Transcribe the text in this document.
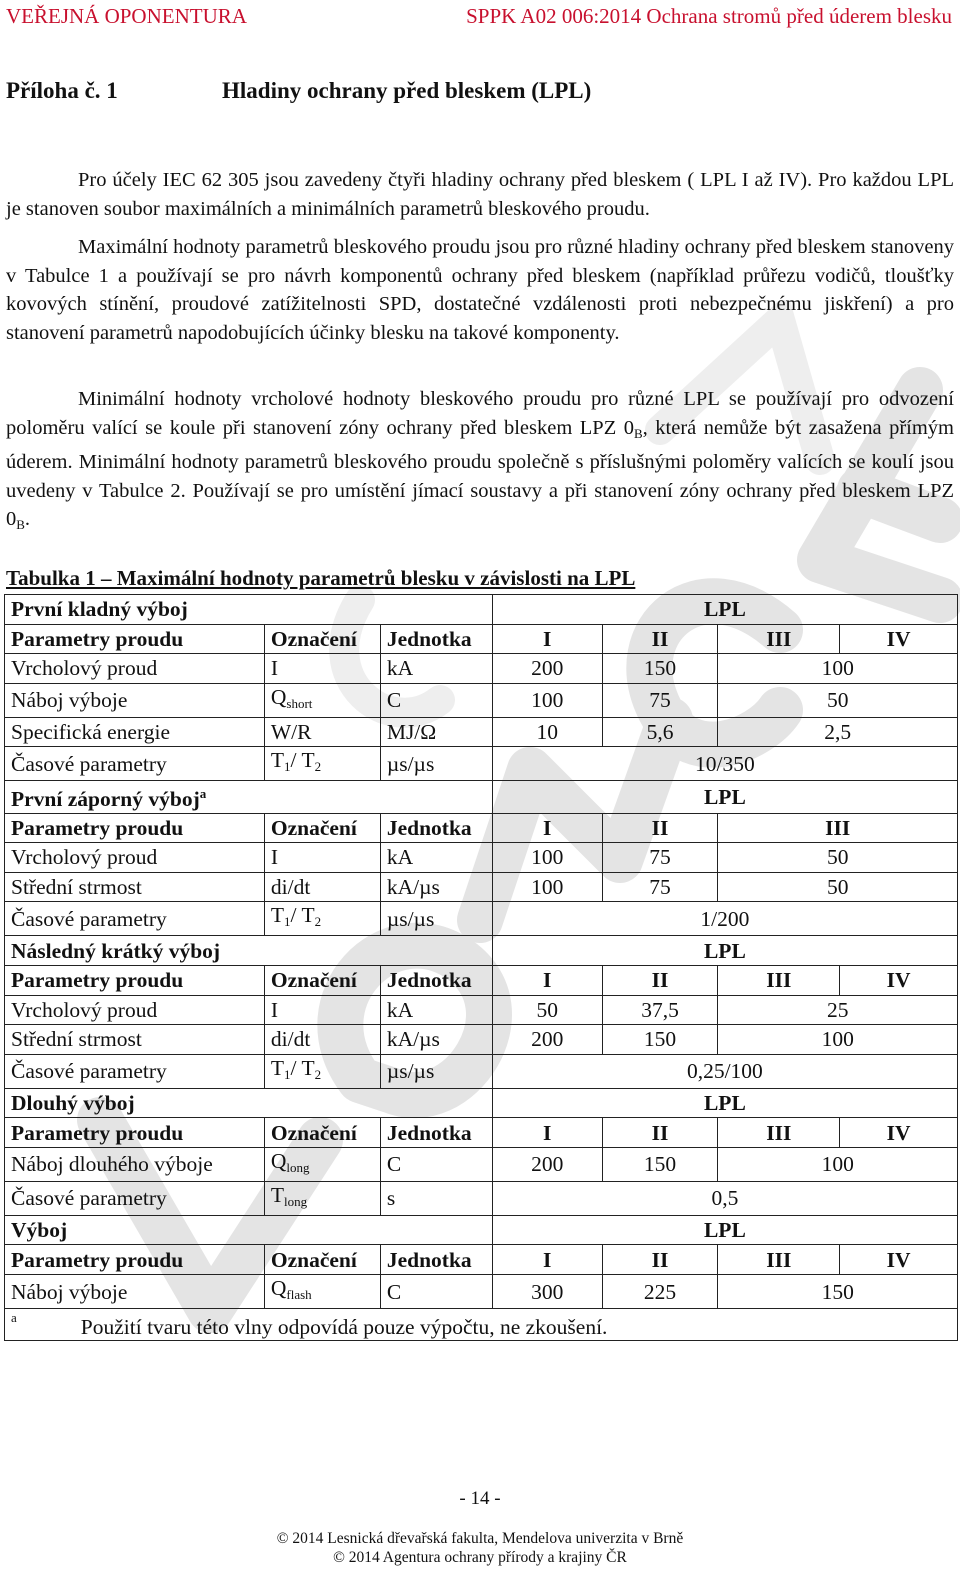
VEŘEJNÁ OPONENTURA	SPPK A02 006:2014 Ochrana stromů před úderem blesku
Příloha č. 1	Hladiny ochrany před bleskem (LPL)
Pro účely IEC 62 305 jsou zavedeny čtyři hladiny ochrany před bleskem ( LPL I až IV). Pro každou LPL je stanoven soubor maximálních a minimálních parametrů bleskového proudu.
Maximální hodnoty parametrů bleskového proudu jsou pro různé hladiny ochrany před bleskem stanoveny v Tabulce 1 a používají se pro návrh komponentů ochrany před bleskem (například průřezu vodičů, tloušťky kovových stínění, proudové zatížitelnosti SPD, dostatečné vzdálenosti proti nebezpečnému jiskření) a pro stanovení parametrů napodobujících účinky blesku na takové komponenty.
Minimální hodnoty vrcholové hodnoty bleskového proudu pro různé LPL se používají pro odvození poloměru valící se koule při stanovení zóny ochrany před bleskem LPZ $0_B$, která nemůže být zasažena přímým úderem. Minimální hodnoty parametrů bleskového proudu společně s příslušnými poloměry valících se koulí jsou uvedeny v Tabulce 2. Používají se pro umístění jímací soustavy a při stanovení zóny ochrany před bleskem LPZ $0_B$.
Tabulka 1 – Maximální hodnoty parametrů blesku v závislosti na LPL
První kladný výboj			LPL			
Parametry proudu	Označení	Jednotka	I	II	III	IV
Vrcholový proud	I	kA	200	150	100	
Náboj výboje	$Q_{short}$	C	100	75	50	
Specifická energie	W/R	MJ/Ω	10	5,6	2,5	
Časové parametry	$T_1/$ $T_2$	µs/µs	10/350			
První záporný výboj$^a$			LPL			
Parametry proudu	Označení	Jednotka	I	II	III	
Vrcholový proud	I	kA	100	75	50	
Střední strmost	di/dt	kA/µs	100	75	50	
Časové parametry	$T_1/$ $T_2$	µs/µs	1/200			
Následný krátký výboj			LPL			
Parametry proudu	Označení	Jednotka	I	II	III	IV
Vrcholový proud	I	kA	50	37,5	25	
Střední strmost	di/dt	kA/µs	200	150	100	
Časové parametry	$T_1/$ $T_2$	µs/µs	0,25/100			
Dlouhý výboj			LPL			
Parametry proudu	Označení	Jednotka	I	II	III	IV
Náboj dlouhého výboje	$Q_{long}$	C	200	150	100	
Časové parametry	$T_{long}$	s	0,5			
Výboj			LPL			
Parametry proudu	Označení	Jednotka	I	II	III	IV
Náboj výboje	$Q_{flash}$	C	300	225	150	
$^a$ Použití tvaru této vlny odpovídá pouze výpočtu, ne zkoušení.						
- 14 -
© 2014 Lesnická dřevařská fakulta, Mendelova univerzita v Brně
© 2014 Agentura ochrany přírody a krajiny ČR
